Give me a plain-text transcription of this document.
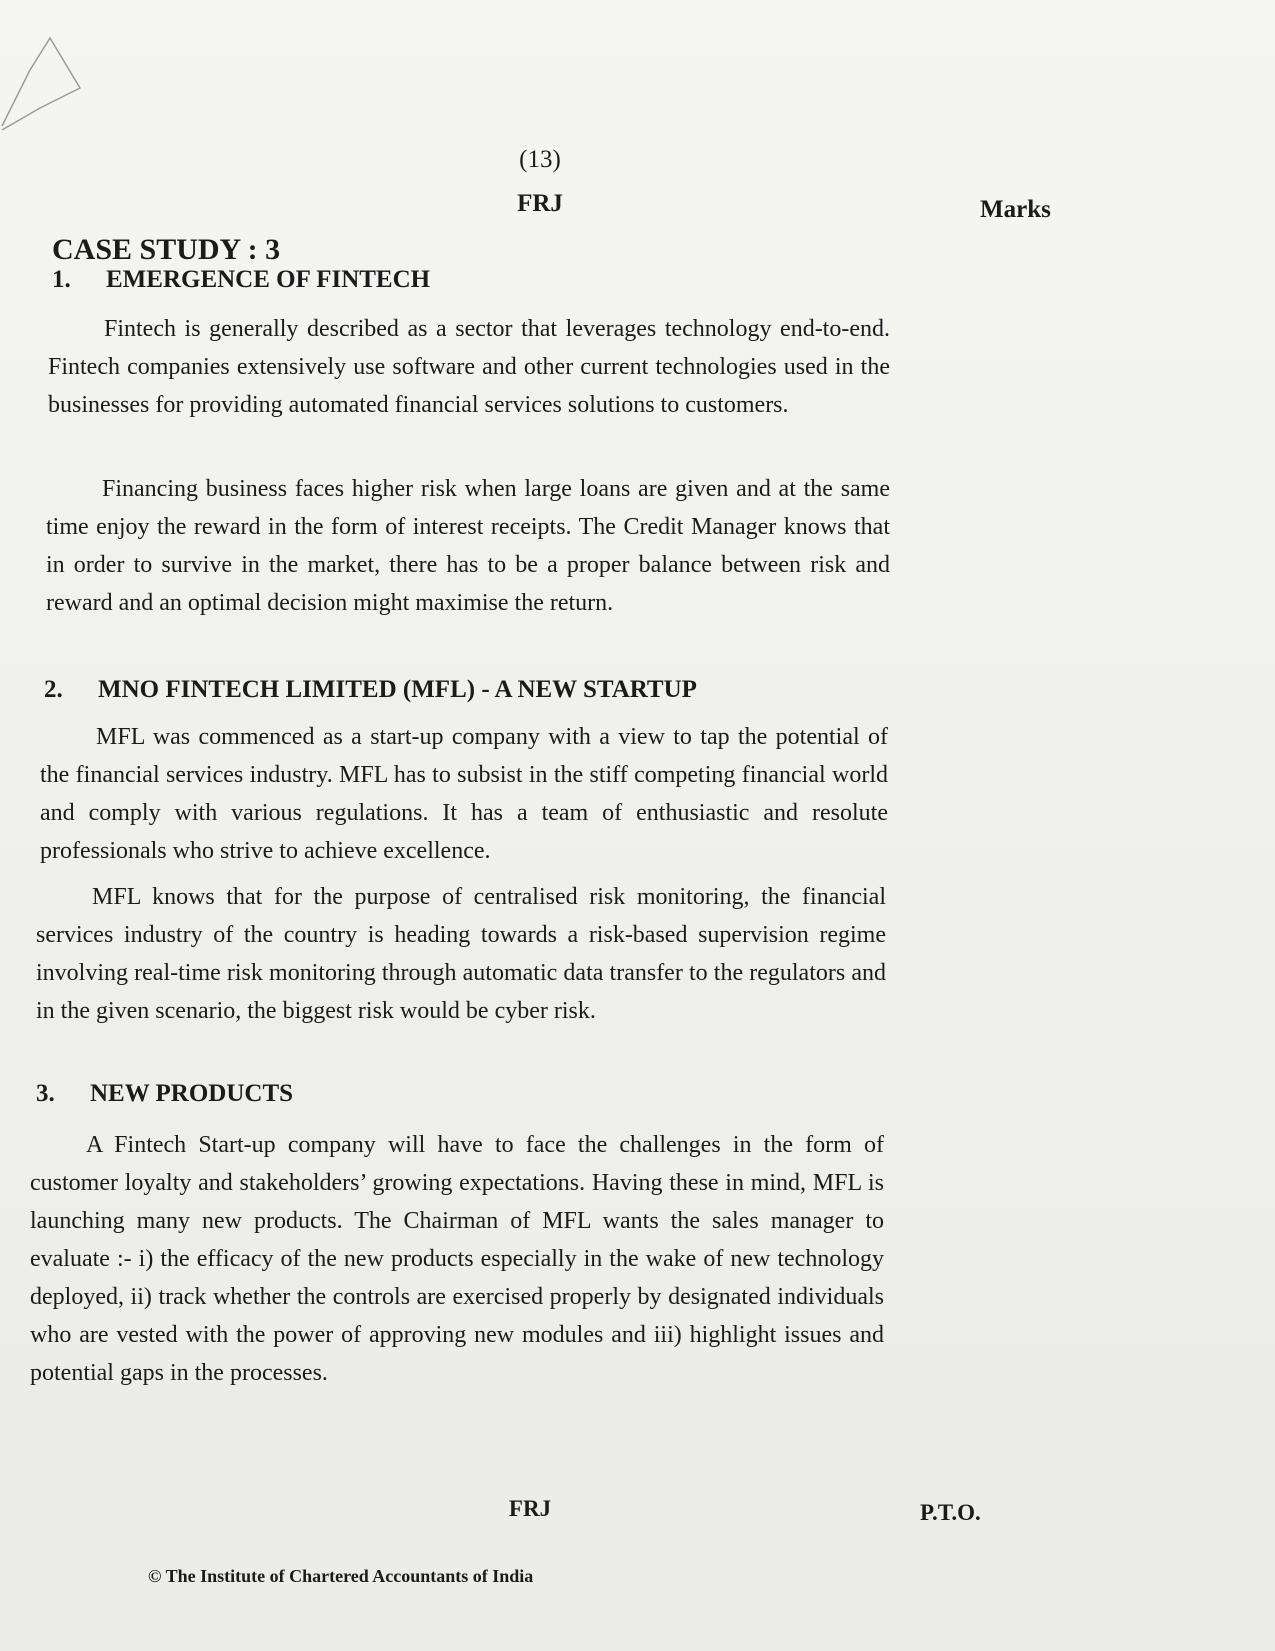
(13)
FRJ	Marks
CASE STUDY : 3
1. EMERGENCE OF FINTECH

Fintech is generally described as a sector that leverages technology end-to-end. Fintech companies extensively use software and other current technologies used in the businesses for providing automated financial services solutions to customers.

Financing business faces higher risk when large loans are given and at the same time enjoy the reward in the form of interest receipts. The Credit Manager knows that in order to survive in the market, there has to be a proper balance between risk and reward and an optimal decision might maximise the return.

2. MNO FINTECH LIMITED (MFL) - A NEW STARTUP

MFL was commenced as a start-up company with a view to tap the potential of the financial services industry. MFL has to subsist in the stiff competing financial world and comply with various regulations. It has a team of enthusiastic and resolute professionals who strive to achieve excellence.

MFL knows that for the purpose of centralised risk monitoring, the financial services industry of the country is heading towards a risk-based supervision regime involving real-time risk monitoring through automatic data transfer to the regulators and in the given scenario, the biggest risk would be cyber risk.

3. NEW PRODUCTS

A Fintech Start-up company will have to face the challenges in the form of customer loyalty and stakeholders’ growing expectations. Having these in mind, MFL is launching many new products. The Chairman of MFL wants the sales manager to evaluate :- i) the efficacy of the new products especially in the wake of new technology deployed, ii) track whether the controls are exercised properly by designated individuals who are vested with the power of approving new modules and iii) highlight issues and potential gaps in the processes.

FRJ	P.T.O.
© The Institute of Chartered Accountants of India
